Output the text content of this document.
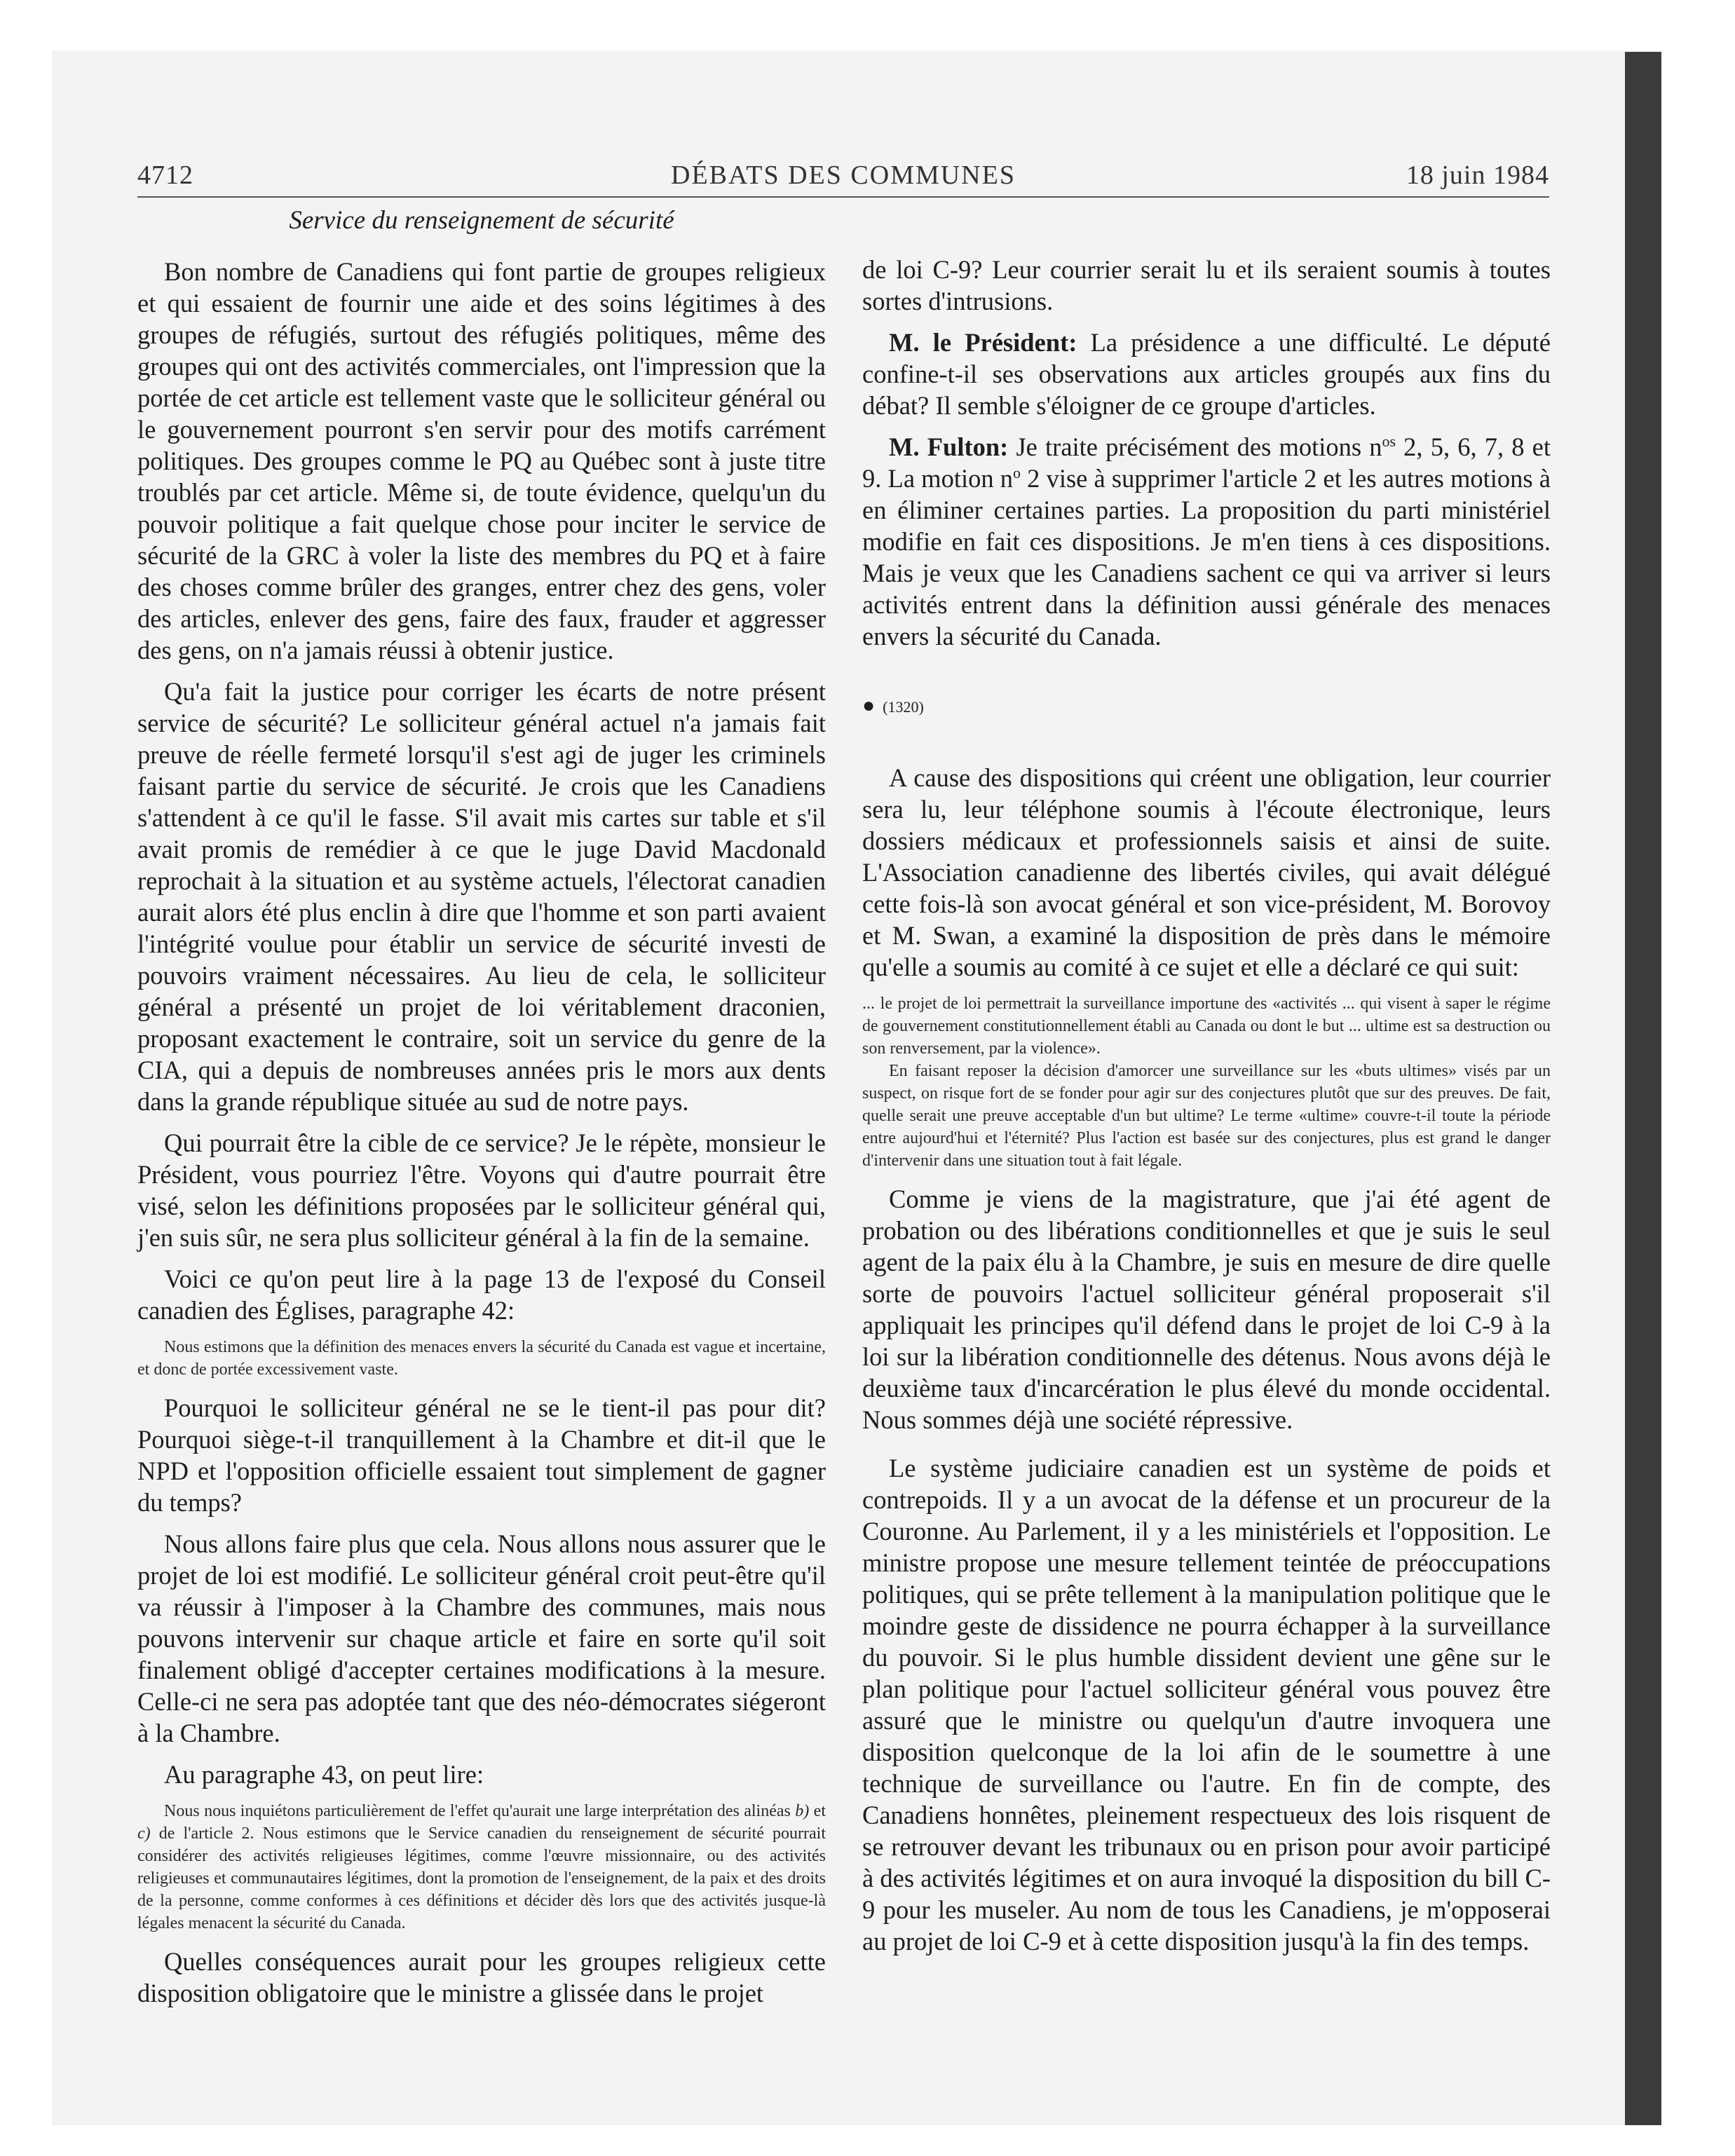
4712	DÉBATS DES COMMUNES	18 juin 1984
Service du renseignement de sécurité

Bon nombre de Canadiens qui font partie de groupes religieux et qui essaient de fournir une aide et des soins légitimes à des groupes de réfugiés, surtout des réfugiés politiques, même des groupes qui ont des activités commerciales, ont l'impression que la portée de cet article est tellement vaste que le solliciteur général ou le gouvernement pourront s'en servir pour des motifs carrément politiques. Des groupes comme le PQ au Québec sont à juste titre troublés par cet article. Même si, de toute évidence, quelqu'un du pouvoir politique a fait quelque chose pour inciter le service de sécurité de la GRC à voler la liste des membres du PQ et à faire des choses comme brûler des granges, entrer chez des gens, voler des articles, enlever des gens, faire des faux, frauder et aggresser des gens, on n'a jamais réussi à obtenir justice.

Qu'a fait la justice pour corriger les écarts de notre présent service de sécurité? Le solliciteur général actuel n'a jamais fait preuve de réelle fermeté lorsqu'il s'est agi de juger les criminels faisant partie du service de sécurité. Je crois que les Canadiens s'attendent à ce qu'il le fasse. S'il avait mis cartes sur table et s'il avait promis de remédier à ce que le juge David Macdonald reprochait à la situation et au système actuels, l'électorat canadien aurait alors été plus enclin à dire que l'homme et son parti avaient l'intégrité voulue pour établir un service de sécurité investi de pouvoirs vraiment nécessaires. Au lieu de cela, le solliciteur général a présenté un projet de loi véritablement draconien, proposant exactement le contraire, soit un service du genre de la CIA, qui a depuis de nombreuses années pris le mors aux dents dans la grande république située au sud de notre pays.

Qui pourrait être la cible de ce service? Je le répète, monsieur le Président, vous pourriez l'être. Voyons qui d'autre pourrait être visé, selon les définitions proposées par le solliciteur général qui, j'en suis sûr, ne sera plus solliciteur général à la fin de la semaine.

Voici ce qu'on peut lire à la page 13 de l'exposé du Conseil canadien des Églises, paragraphe 42:

Nous estimons que la définition des menaces envers la sécurité du Canada est vague et incertaine, et donc de portée excessivement vaste.

Pourquoi le solliciteur général ne se le tient-il pas pour dit? Pourquoi siège-t-il tranquillement à la Chambre et dit-il que le NPD et l'opposition officielle essaient tout simplement de gagner du temps?

Nous allons faire plus que cela. Nous allons nous assurer que le projet de loi est modifié. Le solliciteur général croit peut-être qu'il va réussir à l'imposer à la Chambre des communes, mais nous pouvons intervenir sur chaque article et faire en sorte qu'il soit finalement obligé d'accepter certaines modifications à la mesure. Celle-ci ne sera pas adoptée tant que des néo-démocrates siégeront à la Chambre.

Au paragraphe 43, on peut lire:

Nous nous inquiétons particulièrement de l'effet qu'aurait une large interprétation des alinéas b) et c) de l'article 2. Nous estimons que le Service canadien du renseignement de sécurité pourrait considérer des activités religieuses légitimes, comme l'œuvre missionnaire, ou des activités religieuses et communautaires légitimes, dont la promotion de l'enseignement, de la paix et des droits de la personne, comme conformes à ces définitions et décider dès lors que des activités jusque-là légales menacent la sécurité du Canada.

Quelles conséquences aurait pour les groupes religieux cette disposition obligatoire que le ministre a glissée dans le projet

de loi C-9? Leur courrier serait lu et ils seraient soumis à toutes sortes d'intrusions.

M. le Président: La présidence a une difficulté. Le député confine-t-il ses observations aux articles groupés aux fins du débat? Il semble s'éloigner de ce groupe d'articles.

M. Fulton: Je traite précisément des motions $n^{os}$ 2, 5, 6, 7, 8 et 9. La motion $n^o$ 2 vise à supprimer l'article 2 et les autres motions à en éliminer certaines parties. La proposition du parti ministériel modifie en fait ces dispositions. Je m'en tiens à ces dispositions. Mais je veux que les Canadiens sachent ce qui va arriver si leurs activités entrent dans la définition aussi générale des menaces envers la sécurité du Canada.

● (1320)

A cause des dispositions qui créent une obligation, leur courrier sera lu, leur téléphone soumis à l'écoute électronique, leurs dossiers médicaux et professionnels saisis et ainsi de suite. L'Association canadienne des libertés civiles, qui avait délégué cette fois-là son avocat général et son vice-président, M. Borovoy et M. Swan, a examiné la disposition de près dans le mémoire qu'elle a soumis au comité à ce sujet et elle a déclaré ce qui suit:

... le projet de loi permettrait la surveillance importune des «activités ... qui visent à saper le régime de gouvernement constitutionnellement établi au Canada ou dont le but ... ultime est sa destruction ou son renversement, par la violence».
En faisant reposer la décision d'amorcer une surveillance sur les «buts ultimes» visés par un suspect, on risque fort de se fonder pour agir sur des conjectures plutôt que sur des preuves. De fait, quelle serait une preuve acceptable d'un but ultime? Le terme «ultime» couvre-t-il toute la période entre aujourd'hui et l'éternité? Plus l'action est basée sur des conjectures, plus est grand le danger d'intervenir dans une situation tout à fait légale.

Comme je viens de la magistrature, que j'ai été agent de probation ou des libérations conditionnelles et que je suis le seul agent de la paix élu à la Chambre, je suis en mesure de dire quelle sorte de pouvoirs l'actuel solliciteur général proposerait s'il appliquait les principes qu'il défend dans le projet de loi C-9 à la loi sur la libération conditionnelle des détenus. Nous avons déjà le deuxième taux d'incarcération le plus élevé du monde occidental. Nous sommes déjà une société répressive.

Le système judiciaire canadien est un système de poids et contrepoids. Il y a un avocat de la défense et un procureur de la Couronne. Au Parlement, il y a les ministériels et l'opposition. Le ministre propose une mesure tellement teintée de préoccupations politiques, qui se prête tellement à la manipulation politique que le moindre geste de dissidence ne pourra échapper à la surveillance du pouvoir. Si le plus humble dissident devient une gêne sur le plan politique pour l'actuel solliciteur général vous pouvez être assuré que le ministre ou quelqu'un d'autre invoquera une disposition quelconque de la loi afin de le soumettre à une technique de surveillance ou l'autre. En fin de compte, des Canadiens honnêtes, pleinement respectueux des lois risquent de se retrouver devant les tribunaux ou en prison pour avoir participé à des activités légitimes et on aura invoqué la disposition du bill C-9 pour les museler. Au nom de tous les Canadiens, je m'opposerai au projet de loi C-9 et à cette disposition jusqu'à la fin des temps.
